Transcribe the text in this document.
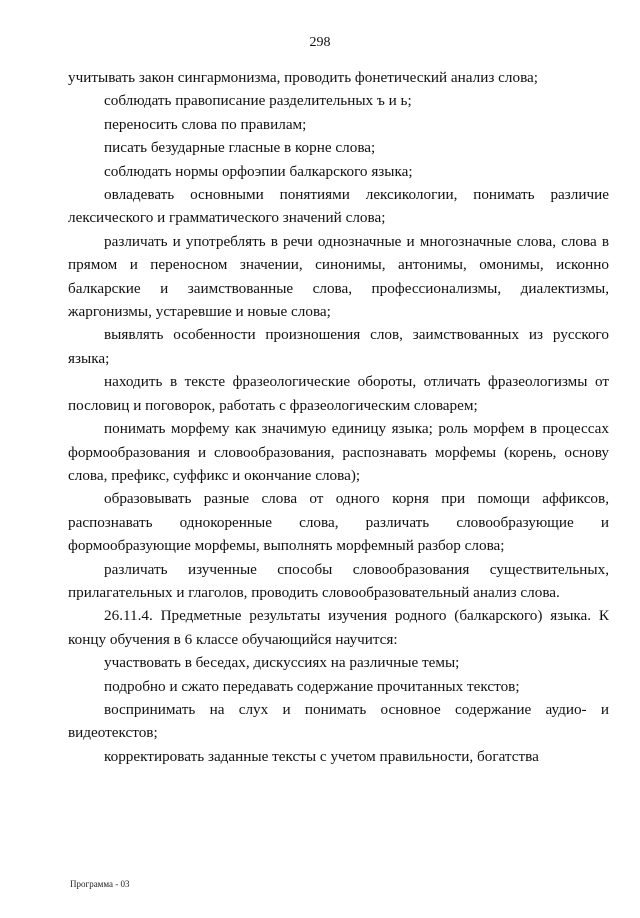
298

учитывать закон сингармонизма, проводить фонетический анализ слова;

соблюдать правописание разделительных ъ и ь;

переносить слова по правилам;

писать безударные гласные в корне слова;

соблюдать нормы орфоэпии балкарского языка;

овладевать основными понятиями лексикологии, понимать различие лексического и грамматического значений слова;

различать и употреблять в речи однозначные и многозначные слова, слова в прямом и переносном значении, синонимы, антонимы, омонимы, исконно балкарские и заимствованные слова, профессионализмы, диалектизмы, жаргонизмы, устаревшие и новые слова;

выявлять особенности произношения слов, заимствованных из русского языка;

находить в тексте фразеологические обороты, отличать фразеологизмы от пословиц и поговорок, работать с фразеологическим словарем;

понимать морфему как значимую единицу языка; роль морфем в процессах формообразования и словообразования, распознавать морфемы (корень, основу слова, префикс, суффикс и окончание слова);

образовывать разные слова от одного корня при помощи аффиксов, распознавать однокоренные слова, различать словообразующие и формообразующие морфемы, выполнять морфемный разбор слова;

различать изученные способы словообразования существительных, прилагательных и глаголов, проводить словообразовательный анализ слова.

26.11.4. Предметные результаты изучения родного (балкарского) языка. К концу обучения в 6 классе обучающийся научится:

участвовать в беседах, дискуссиях на различные темы;

подробно и сжато передавать содержание прочитанных текстов;

воспринимать на слух и понимать основное содержание аудио- и видеотекстов;

корректировать заданные тексты с учетом правильности, богатства

Программа - 03
